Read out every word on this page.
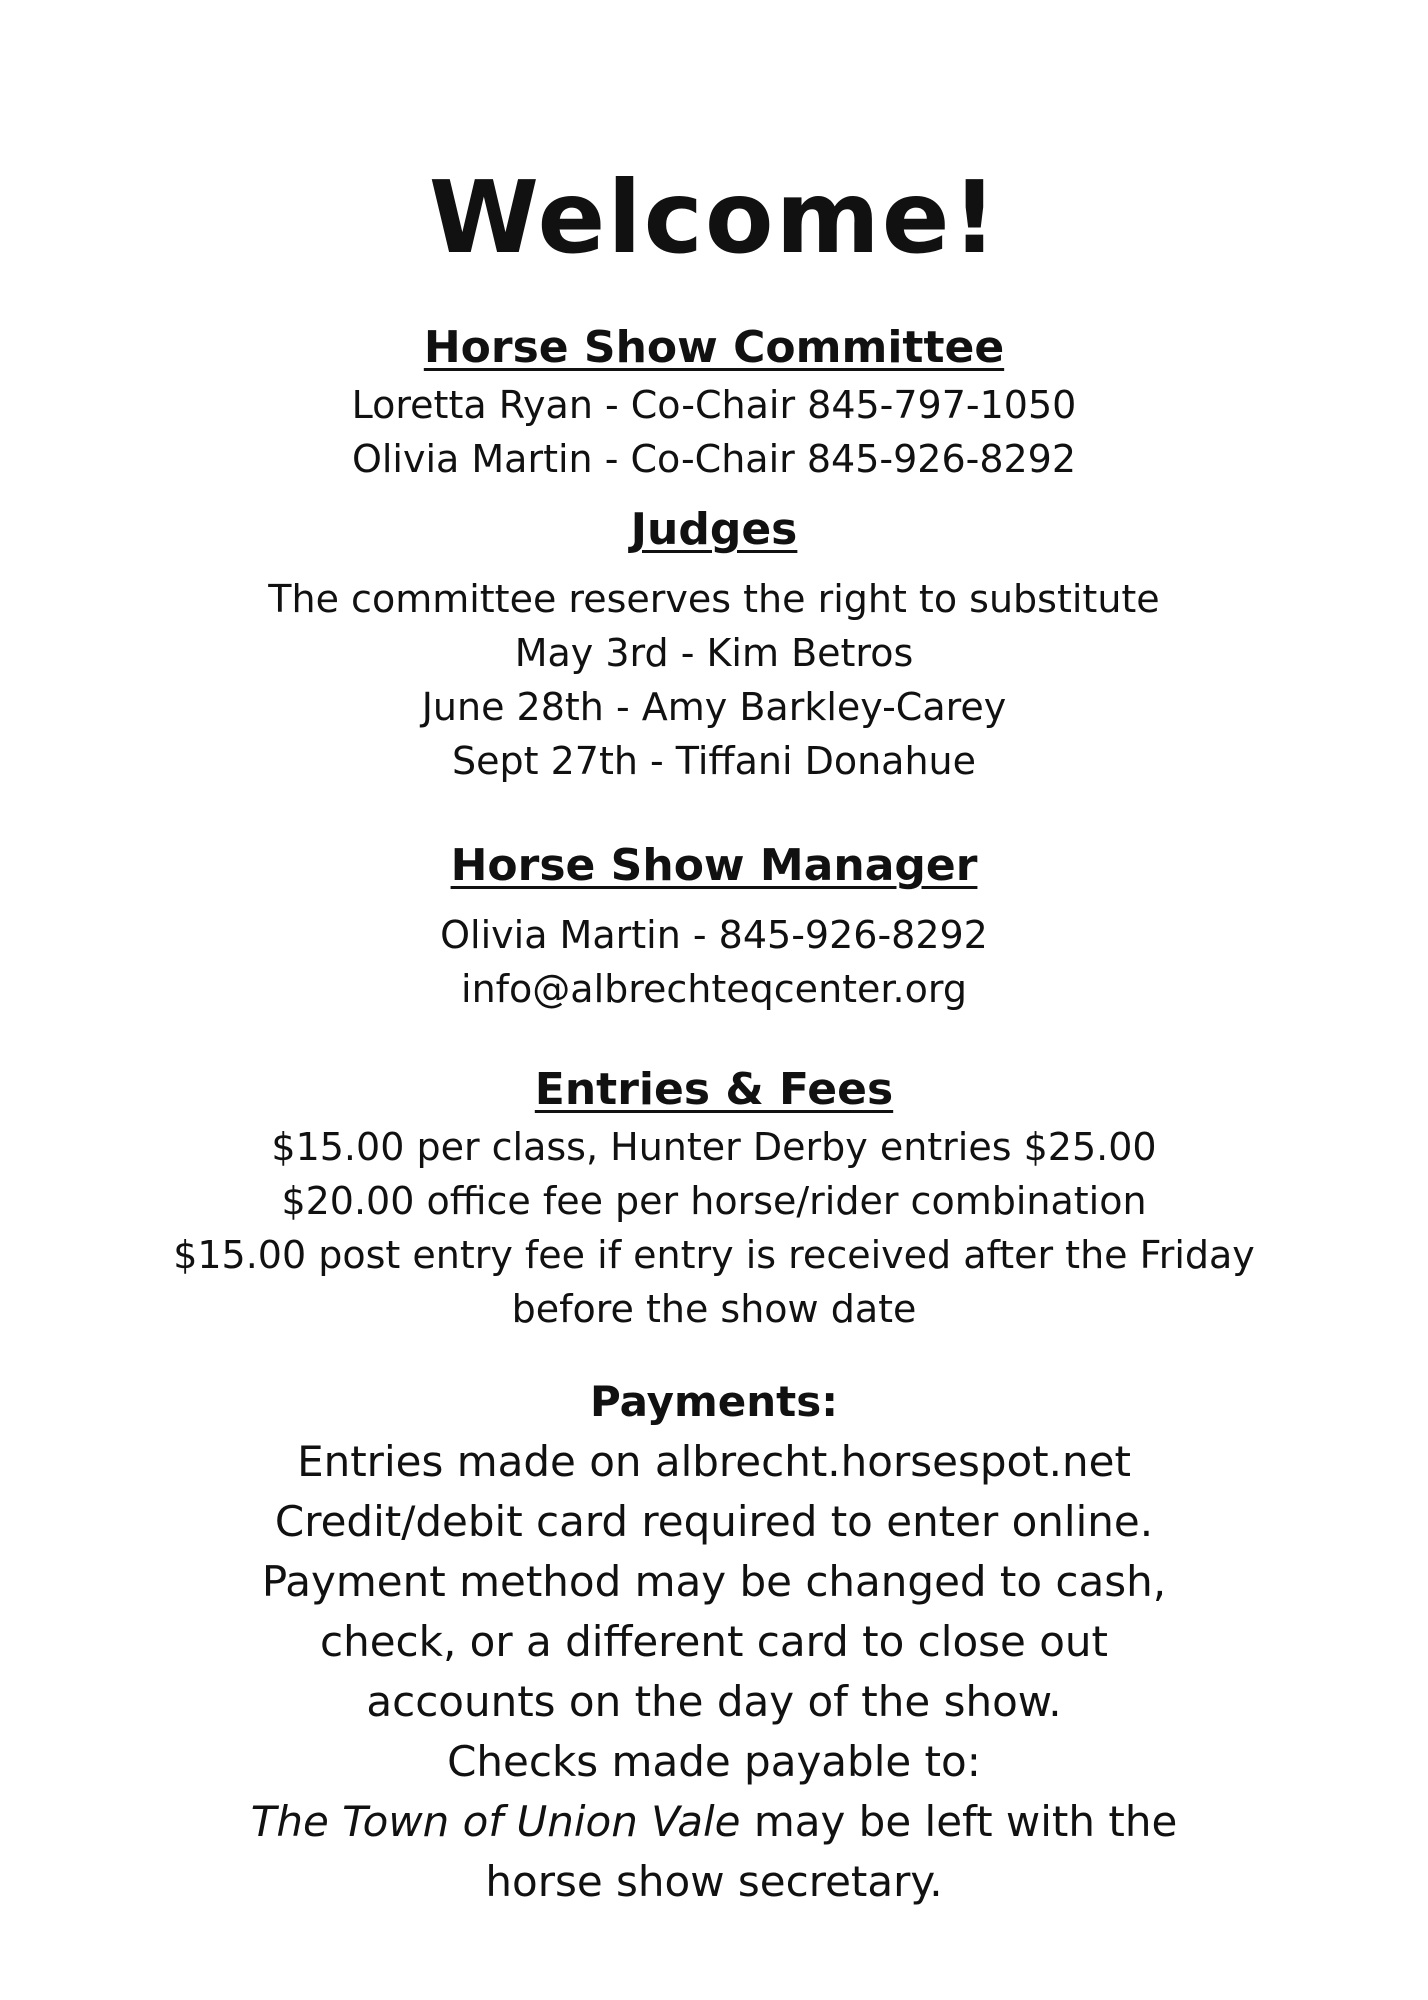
Welcome!
Horse Show Committee
Loretta Ryan - Co-Chair 845-797-1050
Olivia Martin - Co-Chair 845-926-8292
Judges
The committee reserves the right to substitute
May 3rd - Kim Betros
June 28th - Amy Barkley-Carey
Sept 27th - Tiffani Donahue
Horse Show Manager
Olivia Martin - 845-926-8292
info@albrechteqcenter.org
Entries & Fees
$15.00 per class, Hunter Derby entries $25.00
$20.00 office fee per horse/rider combination
$15.00 post entry fee if entry is received after the Friday
before the show date
Payments:
Entries made on albrecht.horsespot.net
Credit/debit card required to enter online.
Payment method may be changed to cash,
check, or a different card to close out
accounts on the day of the show.
Checks made payable to:
The Town of Union Vale may be left with the
horse show secretary.
